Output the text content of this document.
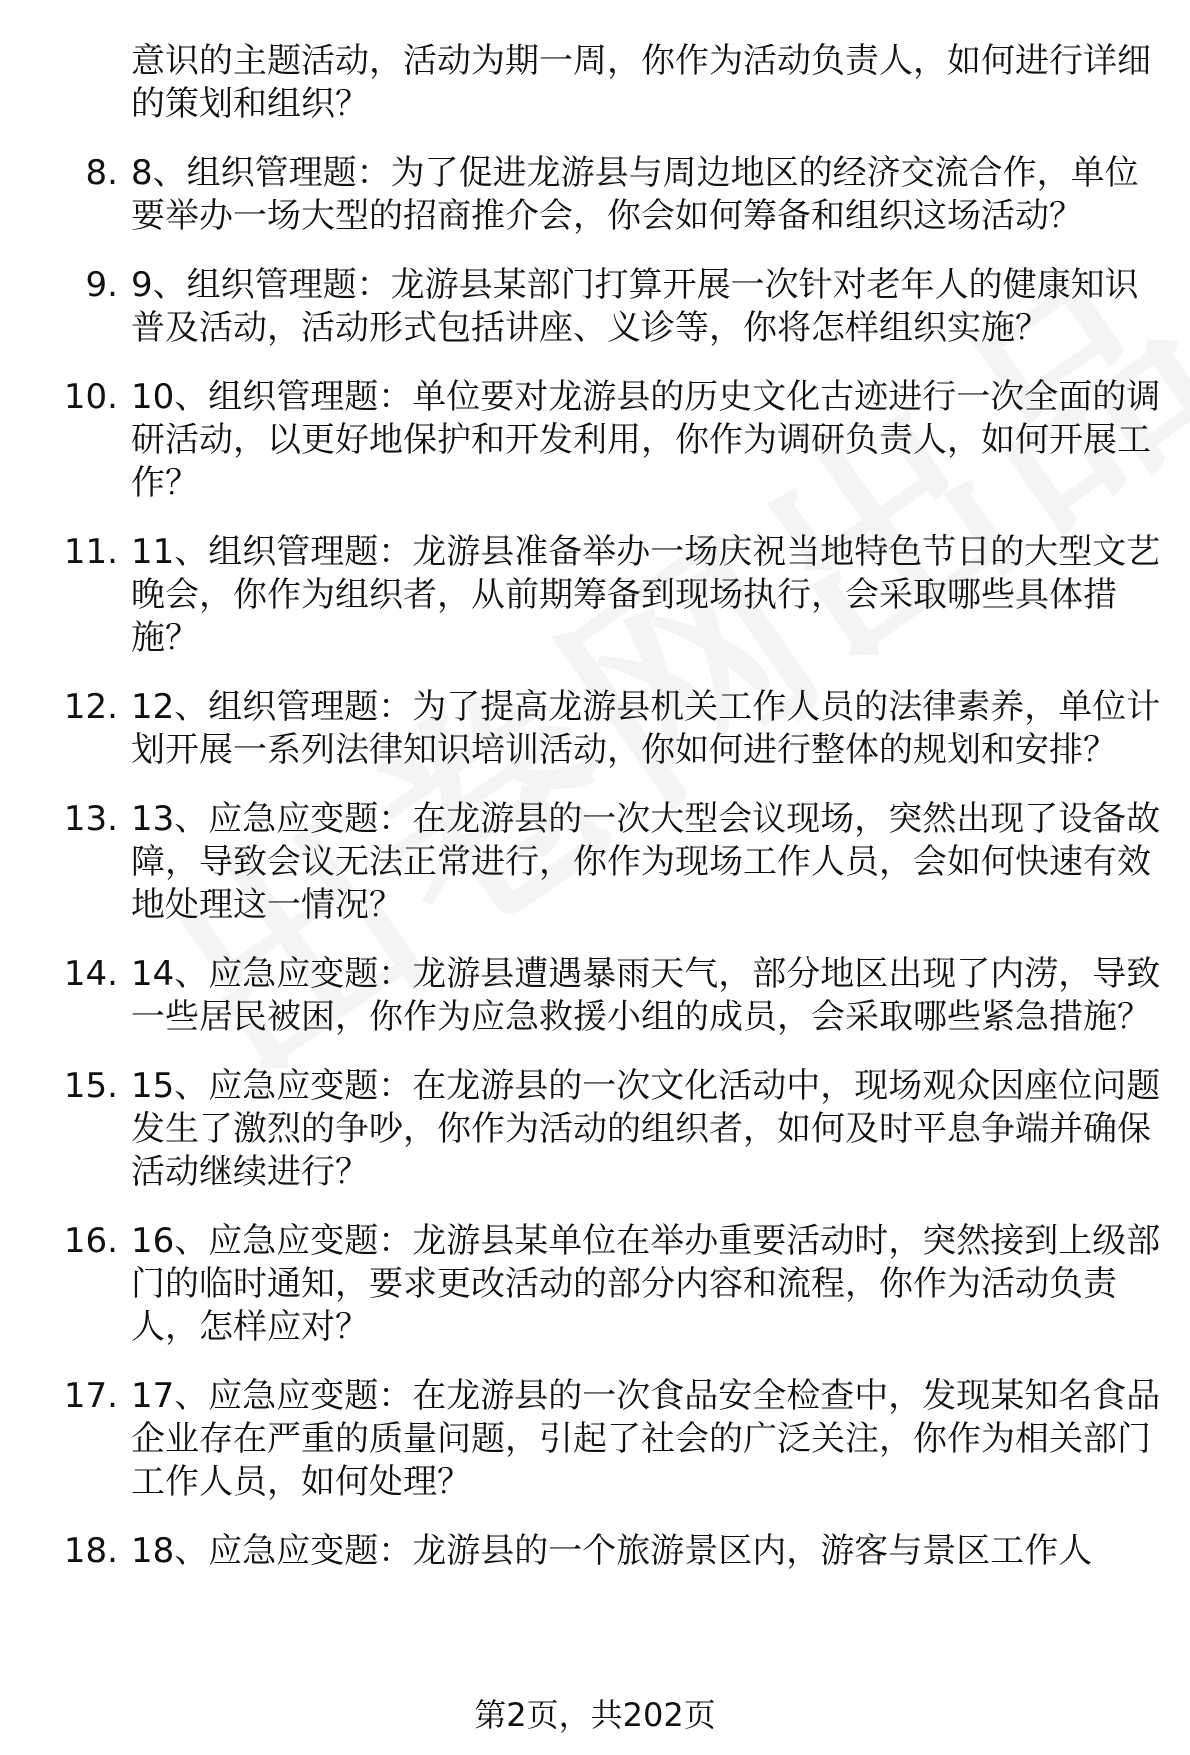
意识的主题活动，活动为期一周，你作为活动负责人，如何进行详细的策划和组织？
8. 8、组织管理题：为了促进龙游县与周边地区的经济交流合作，单位要举办一场大型的招商推介会，你会如何筹备和组织这场活动？
9. 9、组织管理题：龙游县某部门打算开展一次针对老年人的健康知识普及活动，活动形式包括讲座、义诊等，你将怎样组织实施？
10. 10、组织管理题：单位要对龙游县的历史文化古迹进行一次全面的调研活动，以更好地保护和开发利用，你作为调研负责人，如何开展工作？
11. 11、组织管理题：龙游县准备举办一场庆祝当地特色节日的大型文艺晚会，你作为组织者，从前期筹备到现场执行，会采取哪些具体措施？
12. 12、组织管理题：为了提高龙游县机关工作人员的法律素养，单位计划开展一系列法律知识培训活动，你如何进行整体的规划和安排？
13. 13、应急应变题：在龙游县的一次大型会议现场，突然出现了设备故障，导致会议无法正常进行，你作为现场工作人员，会如何快速有效地处理这一情况？
14. 14、应急应变题：龙游县遭遇暴雨天气，部分地区出现了内涝，导致一些居民被困，你作为应急救援小组的成员，会采取哪些紧急措施？
15. 15、应急应变题：在龙游县的一次文化活动中，现场观众因座位问题发生了激烈的争吵，你作为活动的组织者，如何及时平息争端并确保活动继续进行？
16. 16、应急应变题：龙游县某单位在举办重要活动时，突然接到上级部门的临时通知，要求更改活动的部分内容和流程，你作为活动负责人，怎样应对？
17. 17、应急应变题：在龙游县的一次食品安全检查中，发现某知名食品企业存在严重的质量问题，引起了社会的广泛关注，你作为相关部门工作人员，如何处理？
18. 18、应急应变题：龙游县的一个旅游景区内，游客与景区工作人
第2页，共202页
